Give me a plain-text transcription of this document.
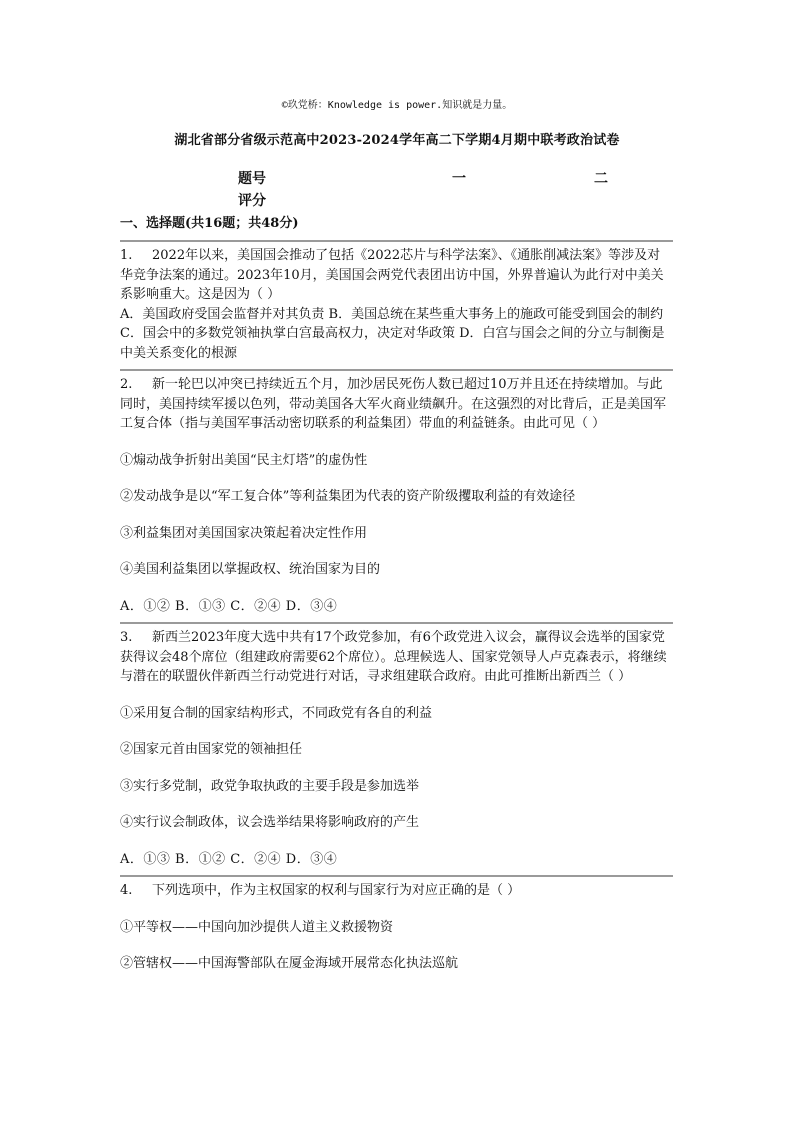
©玖党桥：Knowledge is power.知识就是力量。
湖北省部分省级示范高中2023-2024学年高二下学期4月期中联考政治试卷
题号	一	二
评分
一、选择题(共16题；共48分)

1. 2022年以来，美国国会推动了包括《2022芯片与科学法案》、《通胀削减法案》等涉及对华竞争法案的通过。2023年10月，美国国会两党代表团出访中国，外界普遍认为此行对中美关系影响重大。这是因为（ ）

A．美国政府受国会监督并对其负责 B．美国总统在某些重大事务上的施政可能受到国会的制约 C．国会中的多数党领袖执掌白宫最高权力，决定对华政策 D．白宫与国会之间的分立与制衡是中美关系变化的根源

2. 新一轮巴以冲突已持续近五个月，加沙居民死伤人数已超过10万并且还在持续增加。与此同时，美国持续军援以色列，带动美国各大军火商业绩飙升。在这强烈的对比背后，正是美国军工复合体（指与美国军事活动密切联系的利益集团）带血的利益链条。由此可见（ ）

①煽动战争折射出美国“民主灯塔”的虚伪性

②发动战争是以“军工复合体”等利益集团为代表的资产阶级攫取利益的有效途径

③利益集团对美国国家决策起着决定性作用

④美国利益集团以掌握政权、统治国家为目的

A．①② B．①③ C．②④ D．③④

3. 新西兰2023年度大选中共有17个政党参加，有6个政党进入议会，赢得议会选举的国家党获得议会48个席位（组建政府需要62个席位）。总理候选人、国家党领导人卢克森表示，将继续与潜在的联盟伙伴新西兰行动党进行对话，寻求组建联合政府。由此可推断出新西兰（ ）

①采用复合制的国家结构形式，不同政党有各自的利益

②国家元首由国家党的领袖担任

③实行多党制，政党争取执政的主要手段是参加选举

④实行议会制政体，议会选举结果将影响政府的产生

A．①③ B．①② C．②④ D．③④

4. 下列选项中，作为主权国家的权利与国家行为对应正确的是（ ）

①平等权——中国向加沙提供人道主义救援物资

②管辖权——中国海警部队在厦金海域开展常态化执法巡航
